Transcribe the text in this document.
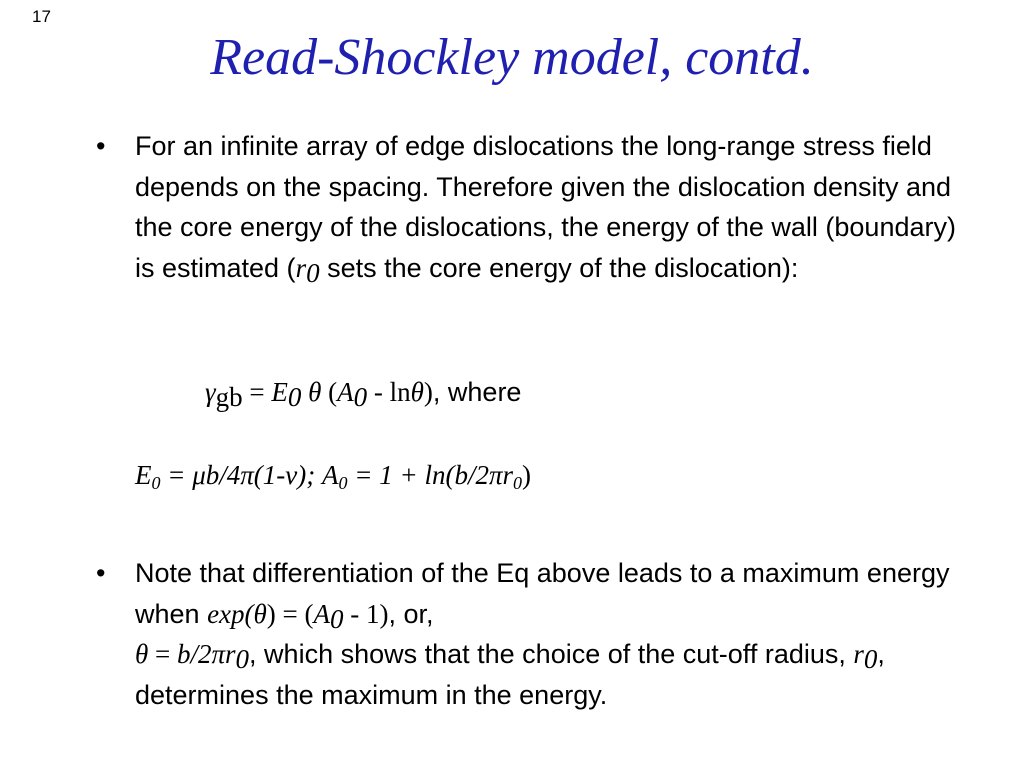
17
Read-Shockley model, contd.
• For an infinite array of edge dislocations the long-range stress field depends on the spacing. Therefore given the dislocation density and the core energy of the dislocations, the energy of the wall (boundary) is estimated ($r_0$ sets the core energy of the dislocation):
$\gamma_{gb} = E_0$ θ $(A_0 - \ln\theta)$, where
$E_0 = \mu b/4\pi(1-\nu)$; $A_0 = 1 + \ln(b/2\pi r_0)$
• Note that differentiation of the Eq above leads to a maximum energy when $\exp(\theta) = (A_0 - 1)$, or,
$\theta = b/2\pi r_0$, which shows that the choice of the cut-off radius, $r_0$, determines the maximum in the energy.
